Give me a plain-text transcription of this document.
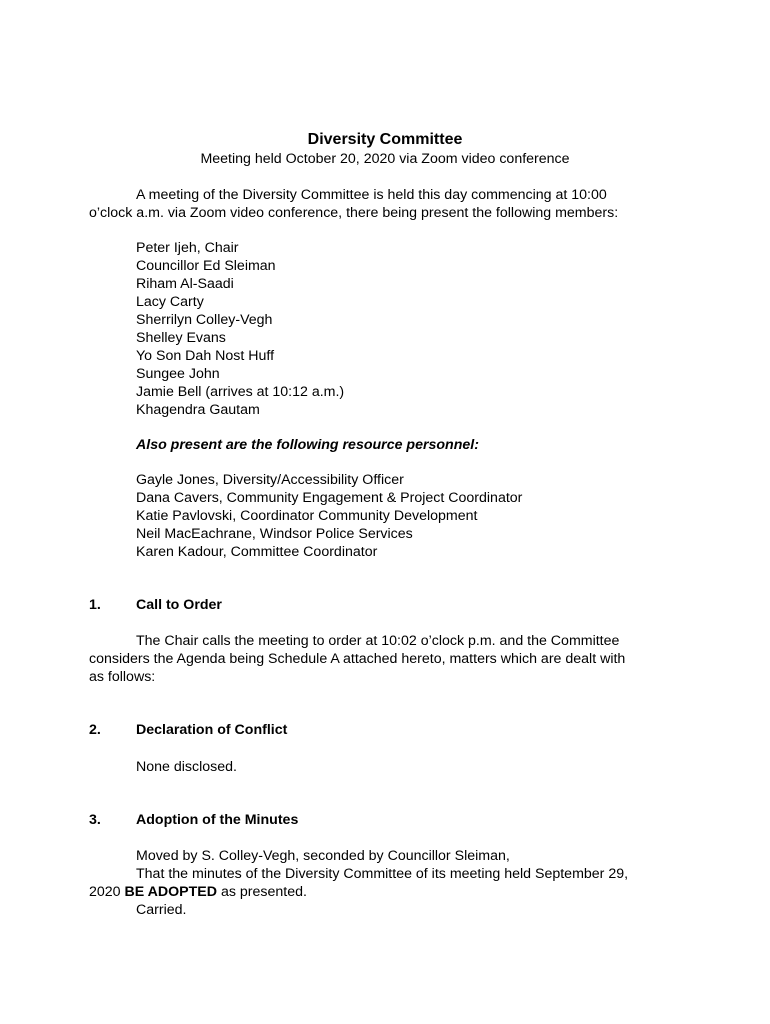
Diversity Committee
Meeting held October 20, 2020 via Zoom video conference
A meeting of the Diversity Committee is held this day commencing at 10:00
o’clock a.m. via Zoom video conference, there being present the following members:
Peter Ijeh, Chair
Councillor Ed Sleiman
Riham Al-Saadi
Lacy Carty
Sherrilyn Colley-Vegh
Shelley Evans
Yo Son Dah Nost Huff
Sungee John
Jamie Bell (arrives at 10:12 a.m.)
Khagendra Gautam
Also present are the following resource personnel:
Gayle Jones, Diversity/Accessibility Officer
Dana Cavers, Community Engagement & Project Coordinator
Katie Pavlovski, Coordinator Community Development
Neil MacEachrane, Windsor Police Services
Karen Kadour, Committee Coordinator
1. Call to Order
The Chair calls the meeting to order at 10:02 o’clock p.m. and the Committee
considers the Agenda being Schedule A attached hereto, matters which are dealt with
as follows:
2. Declaration of Conflict
None disclosed.
3. Adoption of the Minutes
Moved by S. Colley-Vegh, seconded by Councillor Sleiman,
That the minutes of the Diversity Committee of its meeting held September 29,
2020 BE ADOPTED as presented.
Carried.
